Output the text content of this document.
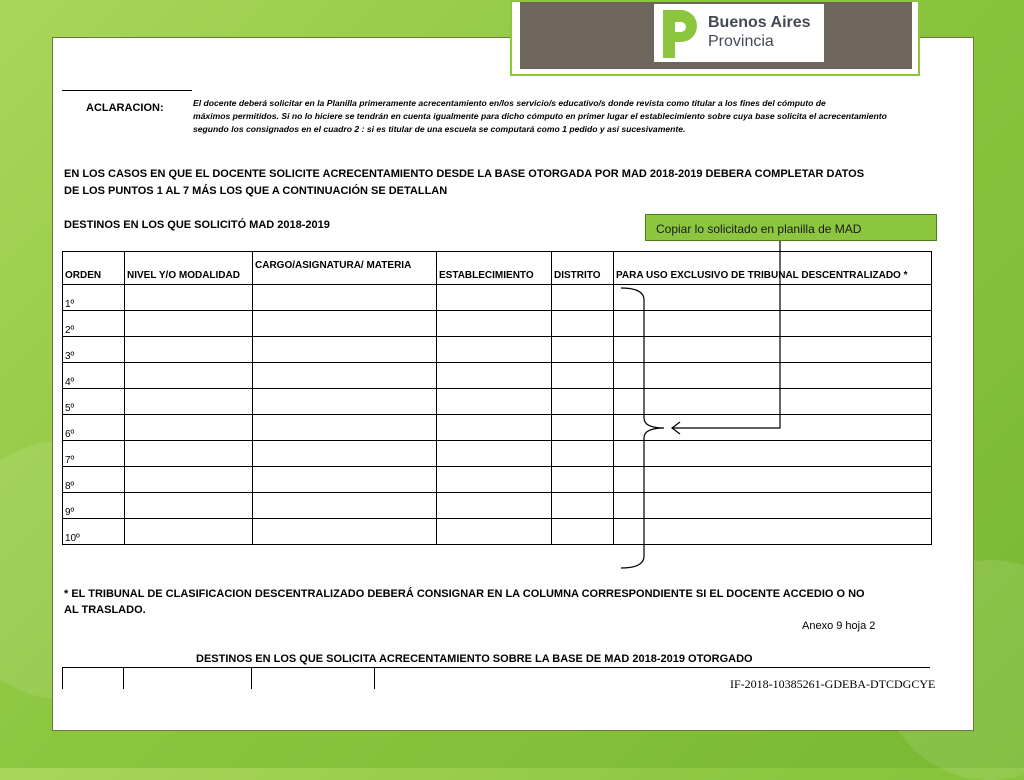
Buenos Aires
Provincia
ACLARACION:	El docente deberá solicitar en la Planilla primeramente acrecentamiento en/los servicio/s educativo/s donde revista como titular a los fines del cómputo de
máximos permitidos. Si no lo hiciere se tendrán en cuenta igualmente para dicho cómputo en primer lugar el establecimiento sobre cuya base solicita el acrecentamiento
segundo los consignados en el cuadro 2 : si es titular de una escuela se computará como 1 pedido y así sucesivamente.
EN LOS CASOS EN QUE EL DOCENTE SOLICITE ACRECENTAMIENTO DESDE LA BASE OTORGADA POR MAD 2018-2019 DEBERA COMPLETAR DATOS
DE LOS PUNTOS 1 AL 7 MÁS LOS QUE A CONTINUACIÓN SE DETALLAN
DESTINOS EN LOS QUE SOLICITÓ MAD 2018-2019
ORDEN	NIVEL Y/O MODALIDAD	CARGO/ASIGNATURA/ MATERIA	ESTABLECIMIENTO	DISTRITO	PARA USO EXCLUSIVO DE TRIBUNAL DESCENTRALIZADO *
1º					
2º					
3º					
4º					
5º					
6º					
7º					
8º					
9º					
10º					
Copiar lo solicitado en planilla de MAD
* EL TRIBUNAL DE CLASIFICACION DESCENTRALIZADO DEBERÁ CONSIGNAR EN LA COLUMNA CORRESPONDIENTE SI EL DOCENTE ACCEDIO O NO
AL TRASLADO.
Anexo 9 hoja 2
DESTINOS EN LOS QUE SOLICITA ACRECENTAMIENTO SOBRE LA BASE DE MAD 2018-2019 OTORGADO
IF-2018-10385261-GDEBA-DTCDGCYE
